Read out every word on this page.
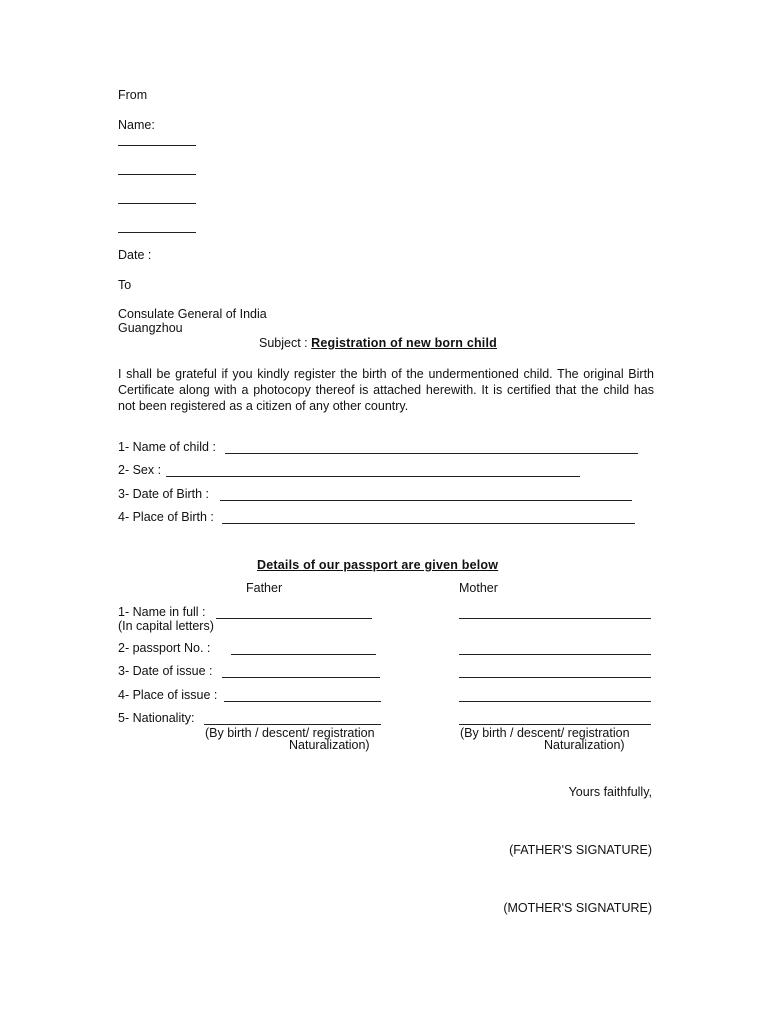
From
Name:
Date :
To
Consulate General of India
Guangzhou
Subject : Registration of new born child
I shall be grateful if you kindly register the birth of the undermentioned child. The original Birth Certificate along with a photocopy thereof is attached herewith. It is certified that the child has not been registered as a citizen of any other country.
1- Name of child :
2- Sex :
3- Date of Birth :
4- Place of Birth :
Details of our passport are given below
Father	Mother
1- Name in full :
(In capital letters)
2- passport No. :
3- Date of issue :
4- Place of issue :
5- Nationality:
(By birth / descent/ registration
Naturalization)
(By birth / descent/ registration
Naturalization)
Yours faithfully,
(FATHER'S SIGNATURE)
(MOTHER'S SIGNATURE)
